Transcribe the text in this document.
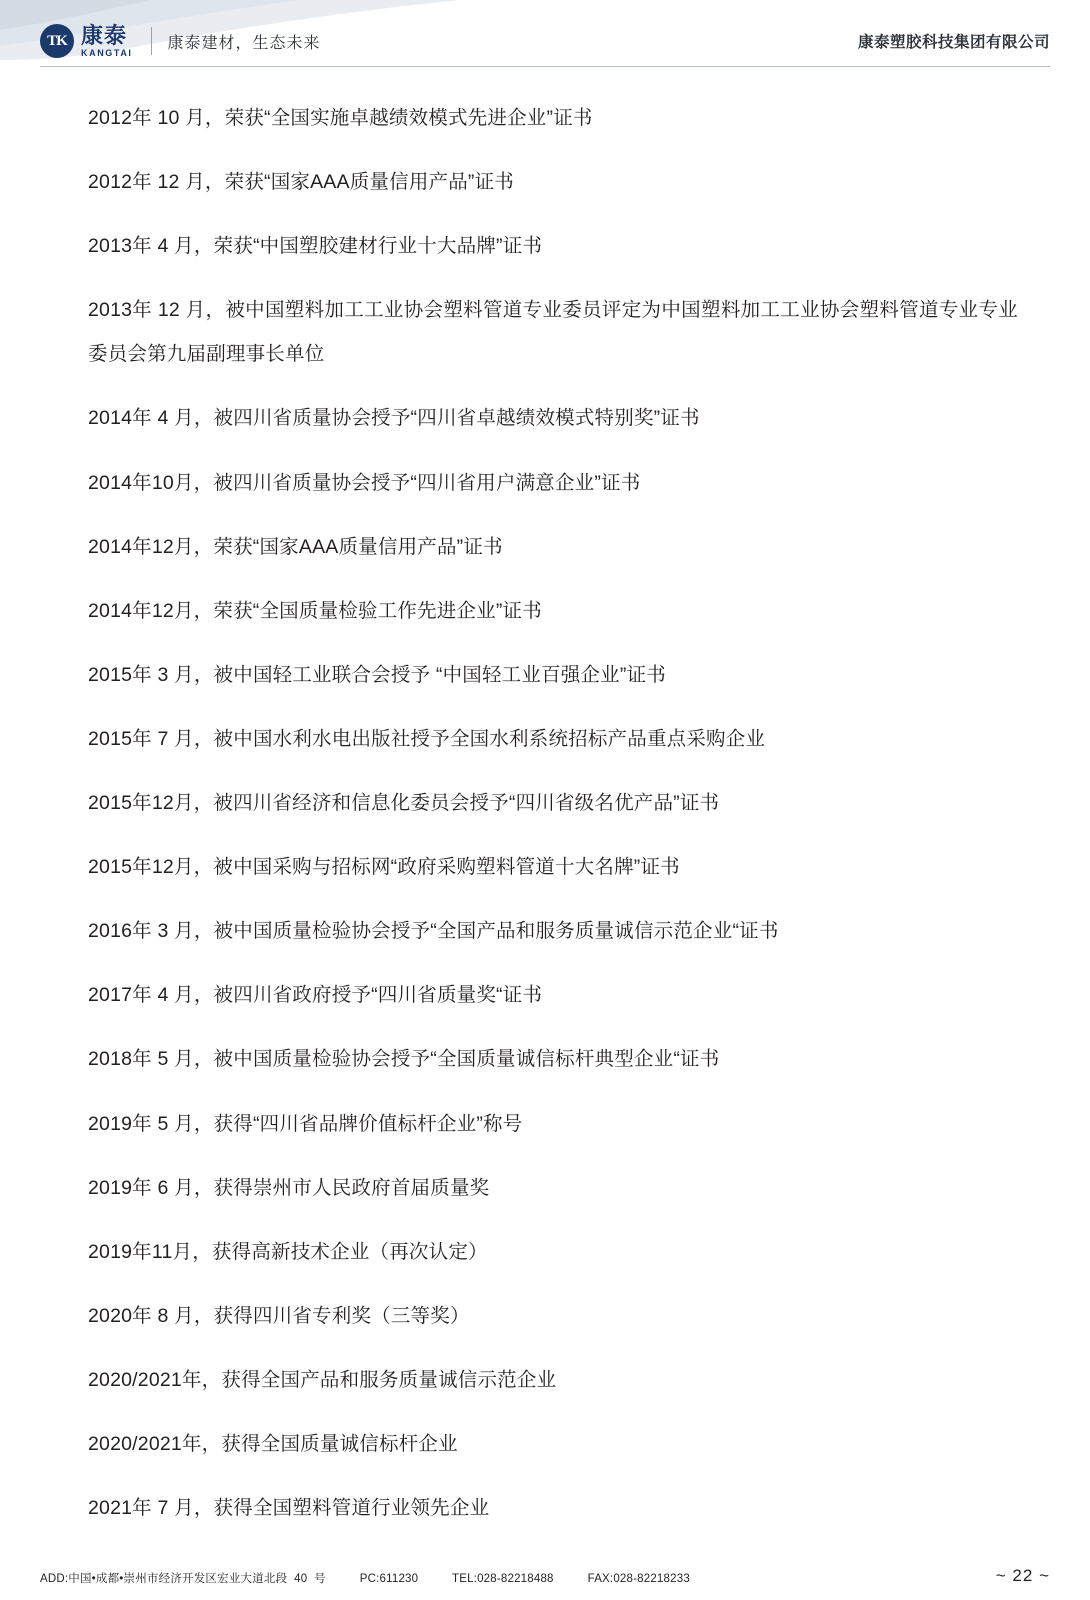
TK 康泰
KANGTAI
康泰建材，生态未来	康泰塑胶科技集团有限公司

2012年 10 月，荣获“全国实施卓越绩效模式先进企业”证书

2012年 12 月，荣获“国家AAA质量信用产品”证书

2013年 4 月，荣获“中国塑胶建材行业十大品牌”证书

2013年 12 月，被中国塑料加工工业协会塑料管道专业委员评定为中国塑料加工工业协会塑料管道专业专业委员会第九届副理事长单位

2014年 4 月，被四川省质量协会授予“四川省卓越绩效模式特别奖”证书

2014年10月，被四川省质量协会授予“四川省用户满意企业”证书

2014年12月，荣获“国家AAA质量信用产品”证书

2014年12月，荣获“全国质量检验工作先进企业”证书

2015年 3 月，被中国轻工业联合会授予 “中国轻工业百强企业”证书

2015年 7 月，被中国水利水电出版社授予全国水利系统招标产品重点采购企业

2015年12月，被四川省经济和信息化委员会授予“四川省级名优产品”证书

2015年12月，被中国采购与招标网“政府采购塑料管道十大名牌”证书

2016年 3 月，被中国质量检验协会授予“全国产品和服务质量诚信示范企业“证书

2017年 4 月，被四川省政府授予“四川省质量奖“证书

2018年 5 月，被中国质量检验协会授予“全国质量诚信标杆典型企业“证书

2019年 5 月，获得“四川省品牌价值标杆企业”称号

2019年 6 月，获得崇州市人民政府首届质量奖

2019年11月，获得高新技术企业（再次认定）

2020年 8 月，获得四川省专利奖（三等奖）

2020/2021年，获得全国产品和服务质量诚信示范企业

2020/2021年，获得全国质量诚信标杆企业

2021年 7 月，获得全国塑料管道行业领先企业

ADD:中国•成都•崇州市经济开发区宏业大道北段  40  号          PC:611230          TEL:028-82218488          FAX:028-82218233	~ 22 ~
